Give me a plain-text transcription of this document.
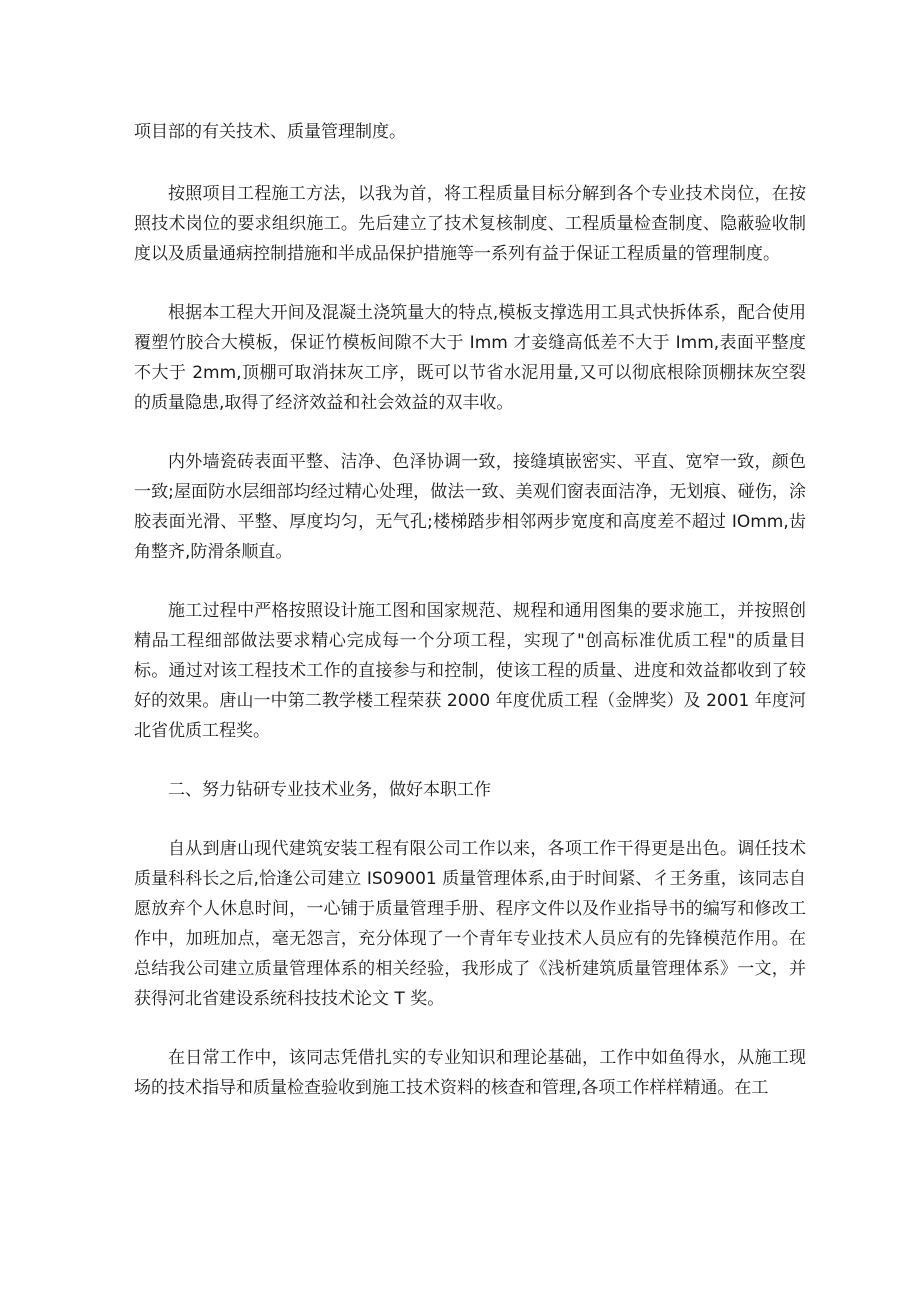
项目部的有关技术、质量管理制度。

按照项目工程施工方法，以我为首，将工程质量目标分解到各个专业技术岗位，在按照技术岗位的要求组织施工。先后建立了技术复核制度、工程质量检查制度、隐蔽验收制度以及质量通病控制措施和半成品保护措施等一系列有益于保证工程质量的管理制度。

根据本工程大开间及混凝土浇筑量大的特点,模板支撑选用工具式快拆体系，配合使用覆塑竹胶合大模板，保证竹模板间隙不大于 Imm 才妾缝高低差不大于 Imm,表面平整度不大于 2mm,顶棚可取消抹灰工序，既可以节省水泥用量,又可以彻底根除顶棚抹灰空裂的质量隐患,取得了经济效益和社会效益的双丰收。

内外墙瓷砖表面平整、洁净、色泽协调一致，接缝填嵌密实、平直、宽窄一致，颜色一致;屋面防水层细部均经过精心处理，做法一致、美观们窗表面洁净，无划痕、碰伤，涂胶表面光滑、平整、厚度均匀，无气孔;楼梯踏步相邻两步宽度和高度差不超过 IOmm,齿角整齐,防滑条顺直。

施工过程中严格按照设计施工图和国家规范、规程和通用图集的要求施工，并按照创精品工程细部做法要求精心完成每一个分项工程，实现了"创高标准优质工程"的质量目标。通过对该工程技术工作的直接参与和控制，使该工程的质量、进度和效益都收到了较好的效果。唐山一中第二教学楼工程荣获 2000 年度优质工程（金牌奖）及 2001 年度河北省优质工程奖。

二、努力钻研专业技术业务，做好本职工作

自从到唐山现代建筑安装工程有限公司工作以来，各项工作干得更是出色。调任技术质量科科长之后,恰逢公司建立 IS09001 质量管理体系,由于时间紧、彳王务重，该同志自愿放弃个人休息时间，一心铺于质量管理手册、程序文件以及作业指导书的编写和修改工作中，加班加点，毫无怨言，充分体现了一个青年专业技术人员应有的先锋模范作用。在总结我公司建立质量管理体系的相关经验，我形成了《浅析建筑质量管理体系》一文，并获得河北省建设系统科技技术论文 T 奖。

在日常工作中，该同志凭借扎实的专业知识和理论基础，工作中如鱼得水，从施工现场的技术指导和质量检查验收到施工技术资料的核查和管理,各项工作样样精通。在工
